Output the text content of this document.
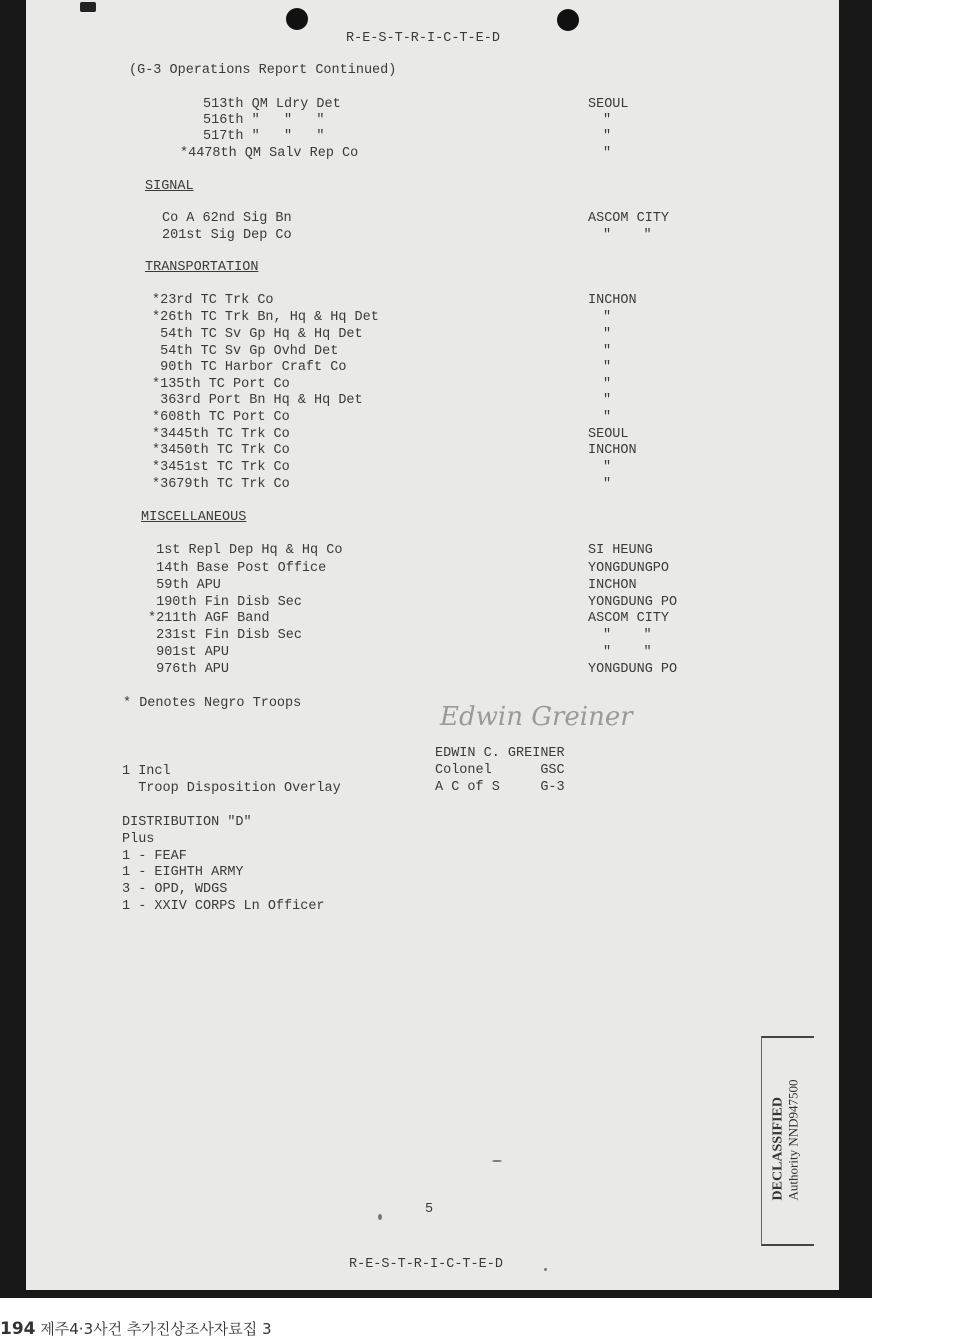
R-E-S-T-R-I-C-T-E-D
(G-3 Operations Report Continued)
513th QM Ldry Det	SEOUL
516th "   "   "	"
517th "   "   "	"
*4478th QM Salv Rep Co	"
SIGNAL
Co A 62nd Sig Bn	ASCOM CITY
201st Sig Dep Co	"    "
TRANSPORTATION
*23rd TC Trk Co	INCHON
*26th TC Trk Bn, Hq & Hq Det	"
54th TC Sv Gp Hq & Hq Det	"
54th TC Sv Gp Ovhd Det	"
90th TC Harbor Craft Co	"
*135th TC Port Co	"
363rd Port Bn Hq & Hq Det	"
*608th TC Port Co	"
*3445th TC Trk Co	SEOUL
*3450th TC Trk Co	INCHON
*3451st TC Trk Co	"
*3679th TC Trk Co	"
MISCELLANEOUS
1st Repl Dep Hq & Hq Co	SI HEUNG
14th Base Post Office	YONGDUNGPO
59th APU	INCHON
190th Fin Disb Sec	YONGDUNG PO
*211th AGF Band	ASCOM CITY
231st Fin Disb Sec	"    "
901st APU	"    "
976th APU	YONGDUNG PO
* Denotes Negro Troops	Edwin Greiner
EDWIN C. GREINER
Colonel      GSC
A C of S     G-3
1 Incl
Troop Disposition Overlay
DISTRIBUTION "D"
Plus
1 - FEAF
1 - EIGHTH ARMY
3 - OPD, WDGS
1 - XXIV CORPS Ln Officer
5
R-E-S-T-R-I-C-T-E-D
DECLASSIFIED
Authority NND947500
194 제주4·3사건 추가진상조사자료집 3
